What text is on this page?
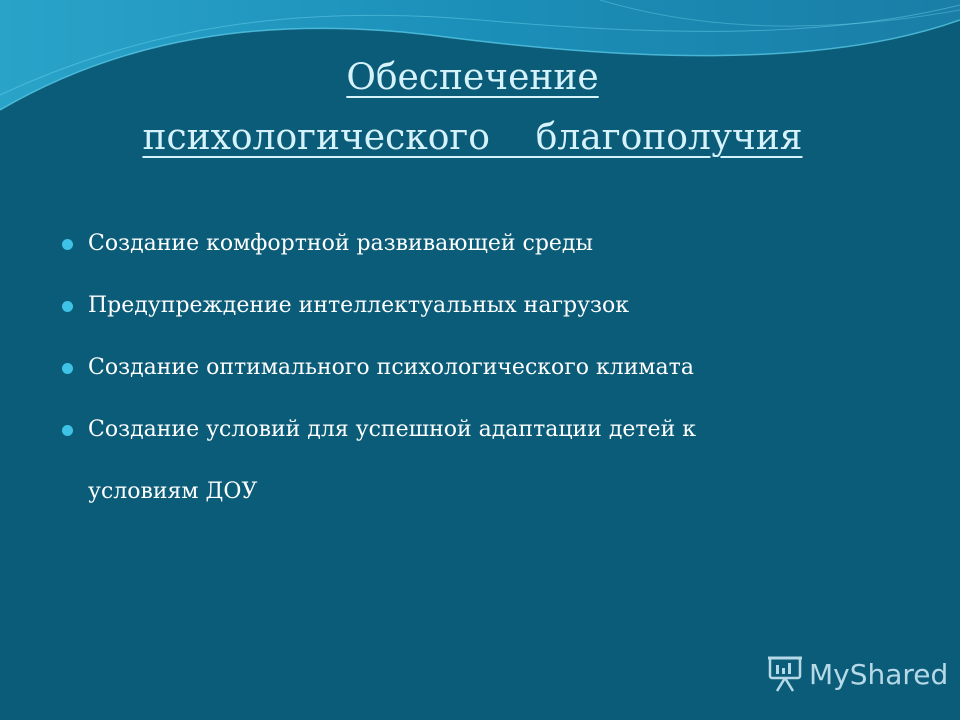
Обеспечение
психологического    благополучия
Создание комфортной развивающей среды
Предупреждение интеллектуальных нагрузок
Создание оптимального психологического климата
Создание условий для успешной адаптации детей к
условиям ДОУ
MyShared
